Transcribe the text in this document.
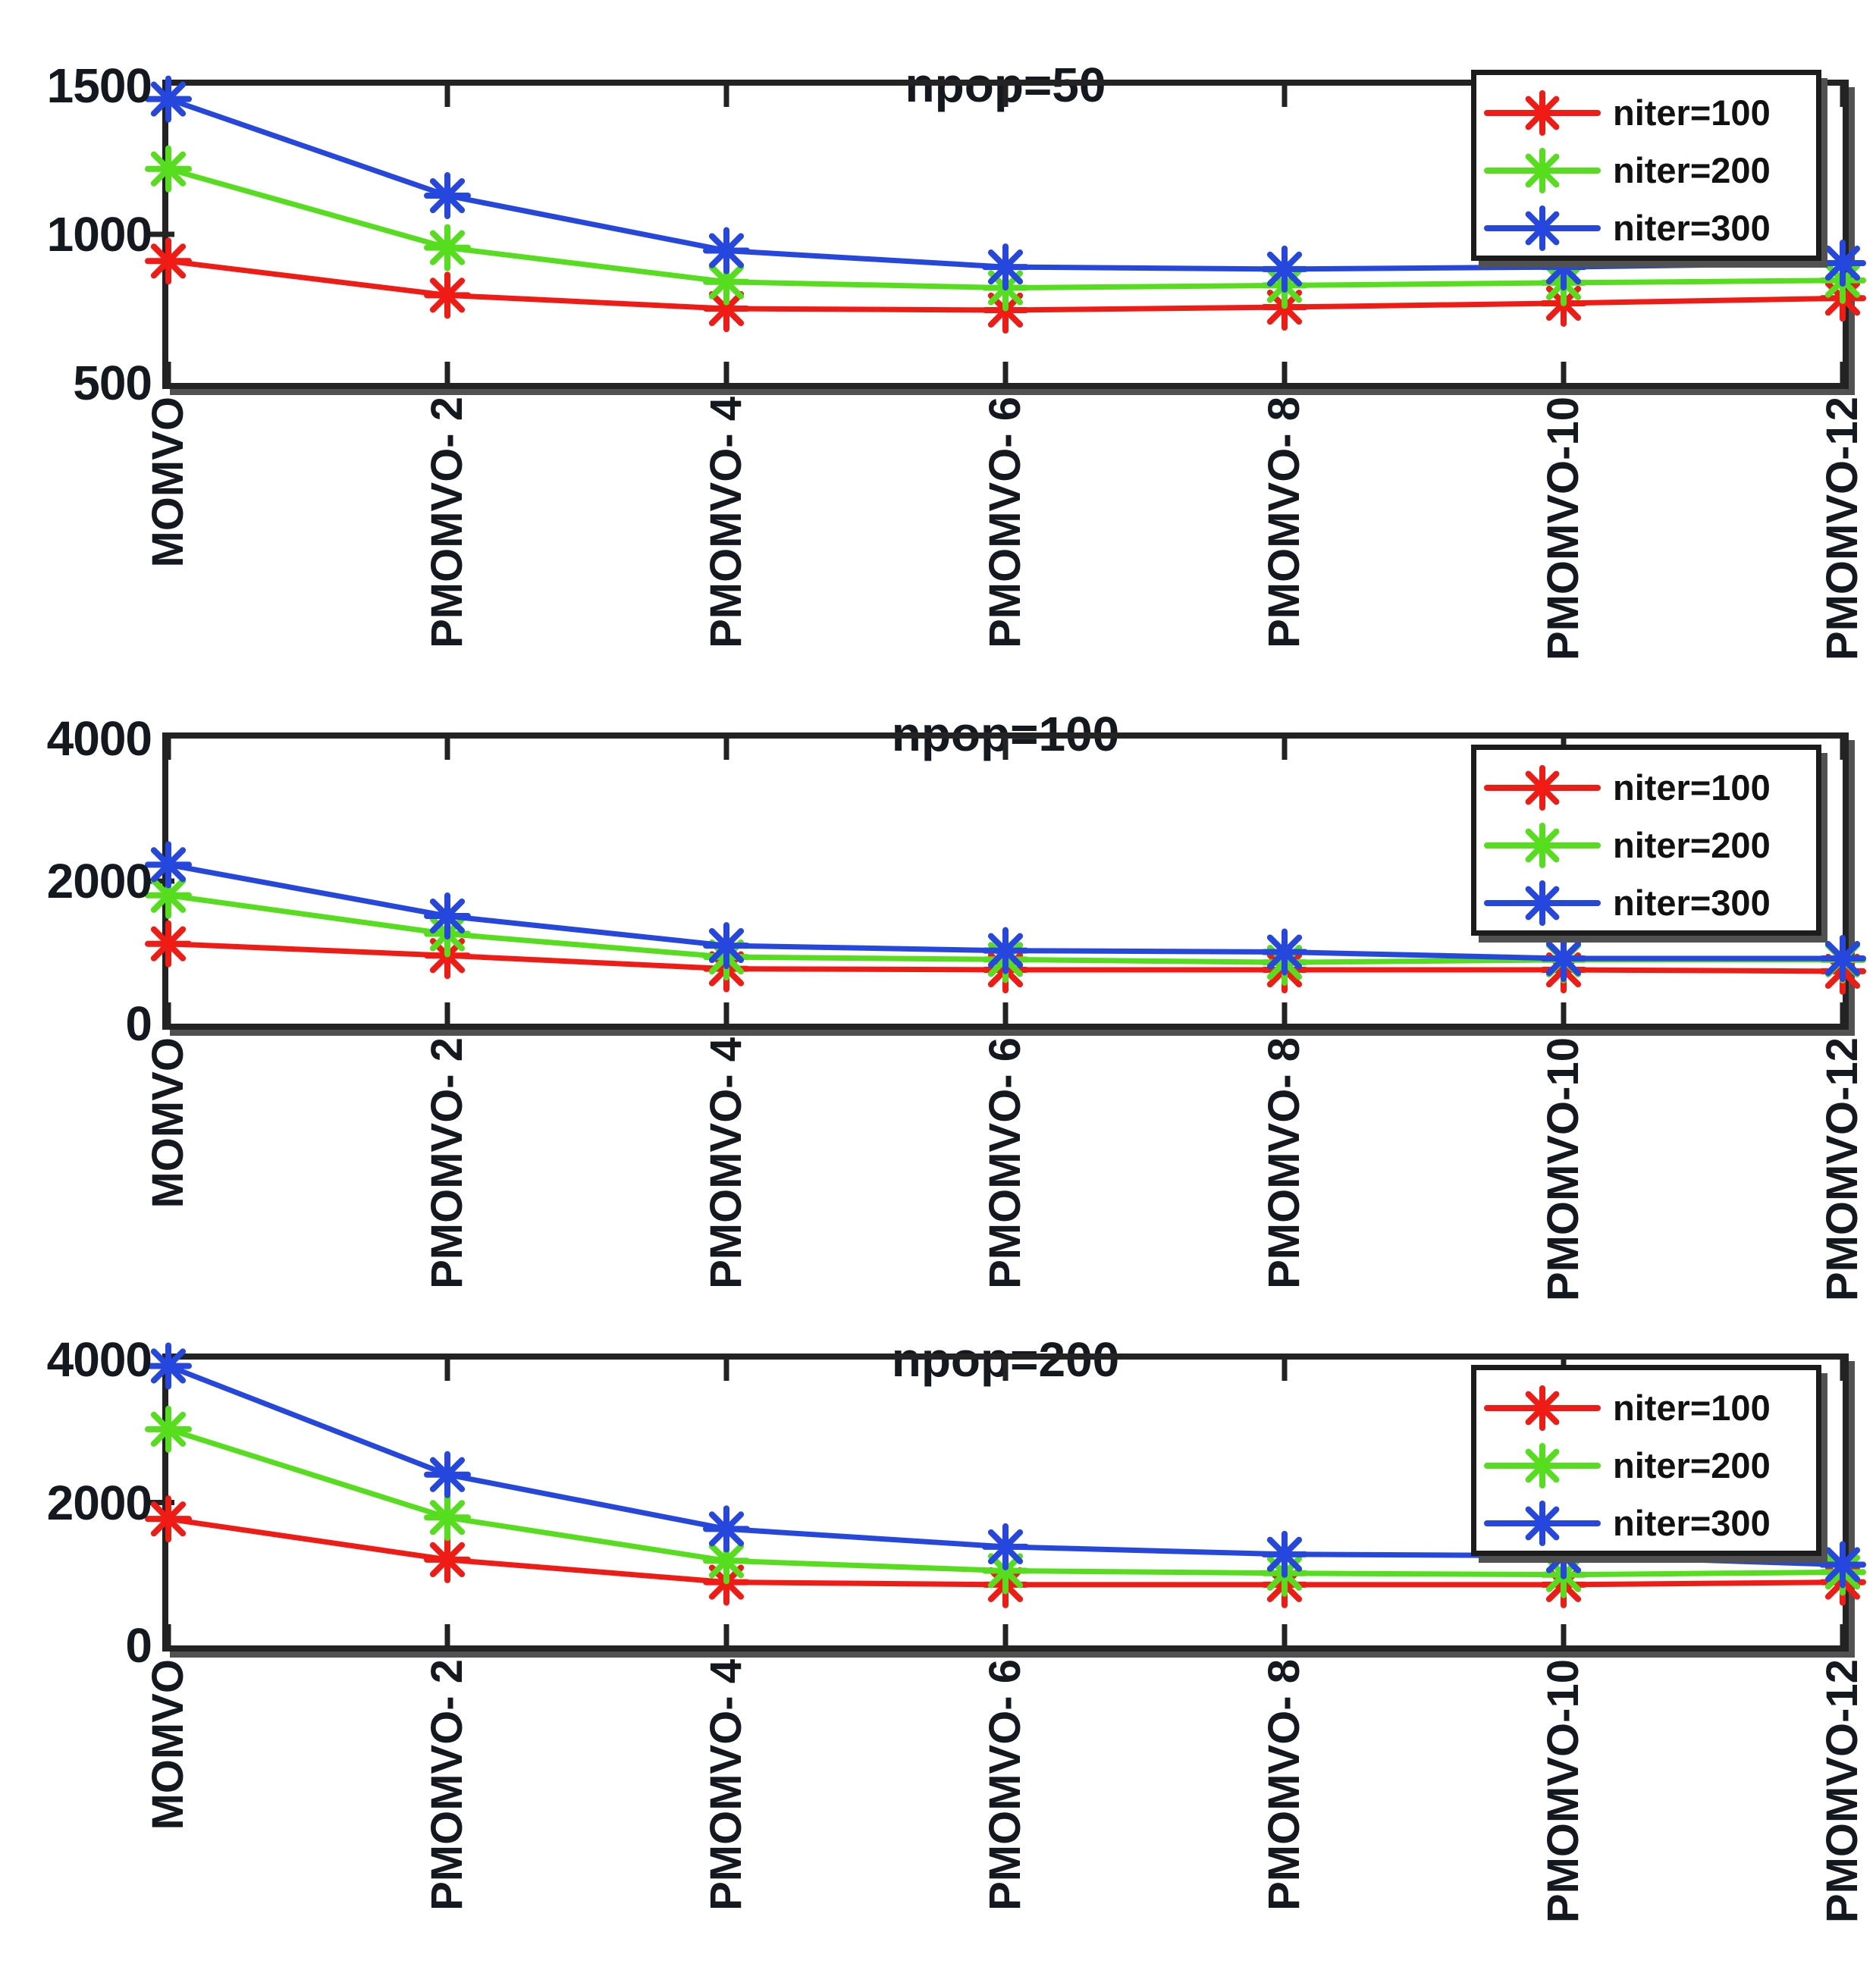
npop=50
500
1000
1500
MOMVO	PMOMVO- 2	PMOMVO- 4	PMOMVO- 6	PMOMVO- 8	PMOMVO-10	PMOMVO-12
niter=100
niter=200
niter=300
npop=100
0
2000
4000
MOMVO	PMOMVO- 2	PMOMVO- 4	PMOMVO- 6	PMOMVO- 8	PMOMVO-10	PMOMVO-12
niter=100
niter=200
niter=300
npop=200
0
2000
4000
MOMVO	PMOMVO- 2	PMOMVO- 4	PMOMVO- 6	PMOMVO- 8	PMOMVO-10	PMOMVO-12
niter=100
niter=200
niter=300
